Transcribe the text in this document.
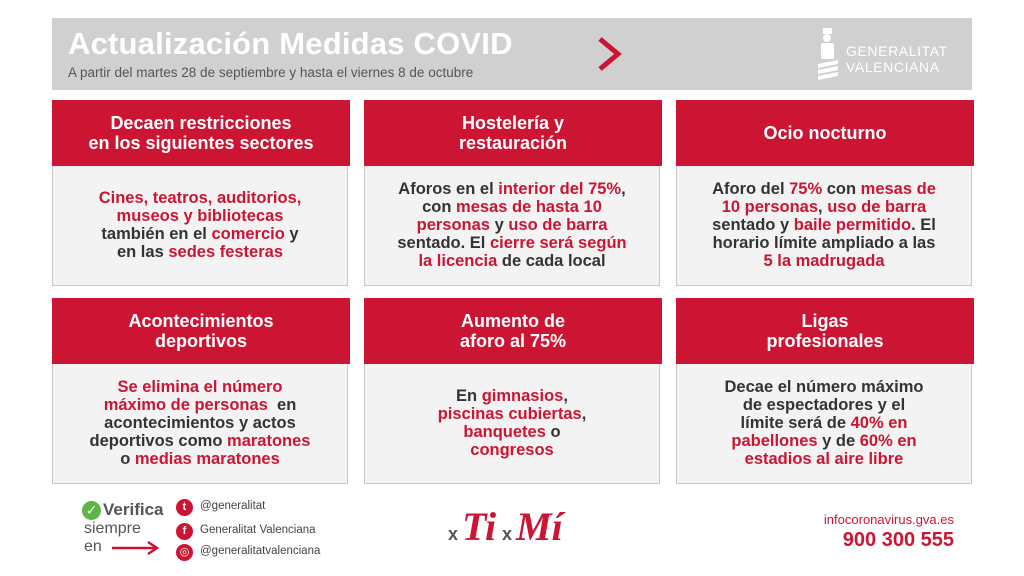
Actualización Medidas COVID
A partir del martes 28 de septiembre y hasta el viernes 8 de octubre
GENERALITAT
VALENCIANA
Decaen restricciones
en los siguientes sectores
Cines, teatros, auditorios,
museos y bibliotecas
también en el comercio y
en las sedes festeras
Hostelería y
restauración
Aforos en el interior del 75%,
con mesas de hasta 10
personas y uso de barra
sentado. El cierre será según
la licencia de cada local
Ocio nocturno
Aforo del 75% con mesas de
10 personas, uso de barra
sentado y baile permitido. El
horario límite ampliado a las
5 la madrugada
Acontecimientos
deportivos
Se elimina el número
máximo de personas  en
acontecimientos y actos
deportivos como maratones
o medias maratones
Aumento de
aforo al 75%
En gimnasios,
piscinas cubiertas,
banquetes o
congresos
Ligas
profesionales
Decae el número máximo
de espectadores y el
límite será de 40% en
pabellones y de 60% en
estadios al aire libre
✓ Verifica
siempre
en
t	@generalitat
f	Generalitat Valenciana
◎ @generalitatvalenciana
x Ti x Mí	infocoronavirus.gva.es
900 300 555
